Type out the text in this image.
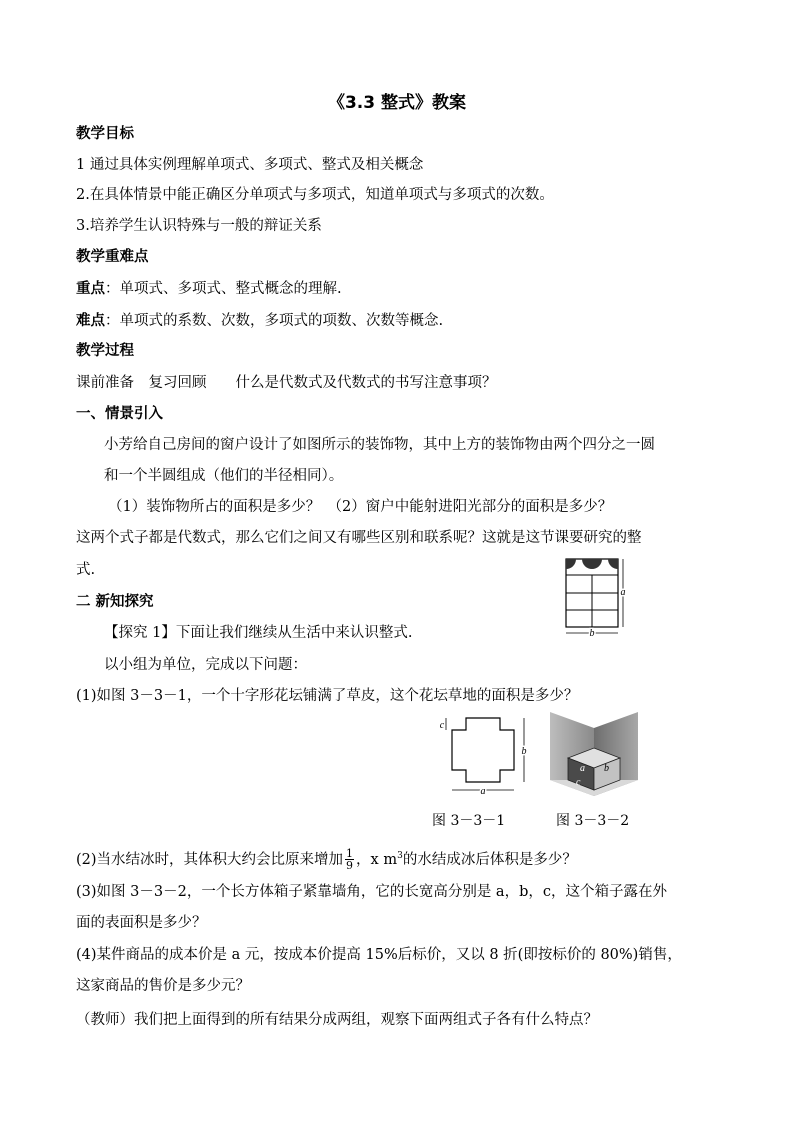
《3.3 整式》教案
教学目标
1 通过具体实例理解单项式、多项式、整式及相关概念
2.在具体情景中能正确区分单项式与多项式，知道单项式与多项式的次数。
3.培养学生认识特殊与一般的辩证关系
教学重难点
重点：单项式、多项式、整式概念的理解.
难点：单项式的系数、次数，多项式的项数、次数等概念.
教学过程
课前准备　复习回顾　　什么是代数式及代数式的书写注意事项？
一、情景引入
小芳给自己房间的窗户设计了如图所示的装饰物，其中上方的装饰物由两个四分之一圆
和一个半圆组成（他们的半径相同）。
（1）装饰物所占的面积是多少？　（2）窗户中能射进阳光部分的面积是多少？
这两个式子都是代数式，那么它们之间又有哪些区别和联系呢？这就是这节课要研究的整
式.
二 新知探究
【探究 1】下面让我们继续从生活中来认识整式.
以小组为单位，完成以下问题：
(1)如图 3－3－1，一个十字形花坛铺满了草皮，这个花坛草地的面积是多少？
a
b
a
b
c
a b
c
图 3－3－1	图 3－3－2
(2)当水结冰时，其体积大约会比原来增加 $\frac{1}{9}$ ，x $m^3$的水结成冰后体积是多少？
(3)如图 3－3－2，一个长方体箱子紧靠墙角，它的长宽高分别是 a，b，c，这个箱子露在外
面的表面积是多少？
(4)某件商品的成本价是 a 元，按成本价提高 15%后标价，又以 8 折(即按标价的 80%)销售，
这家商品的售价是多少元？
（教师）我们把上面得到的所有结果分成两组，观察下面两组式子各有什么特点？
